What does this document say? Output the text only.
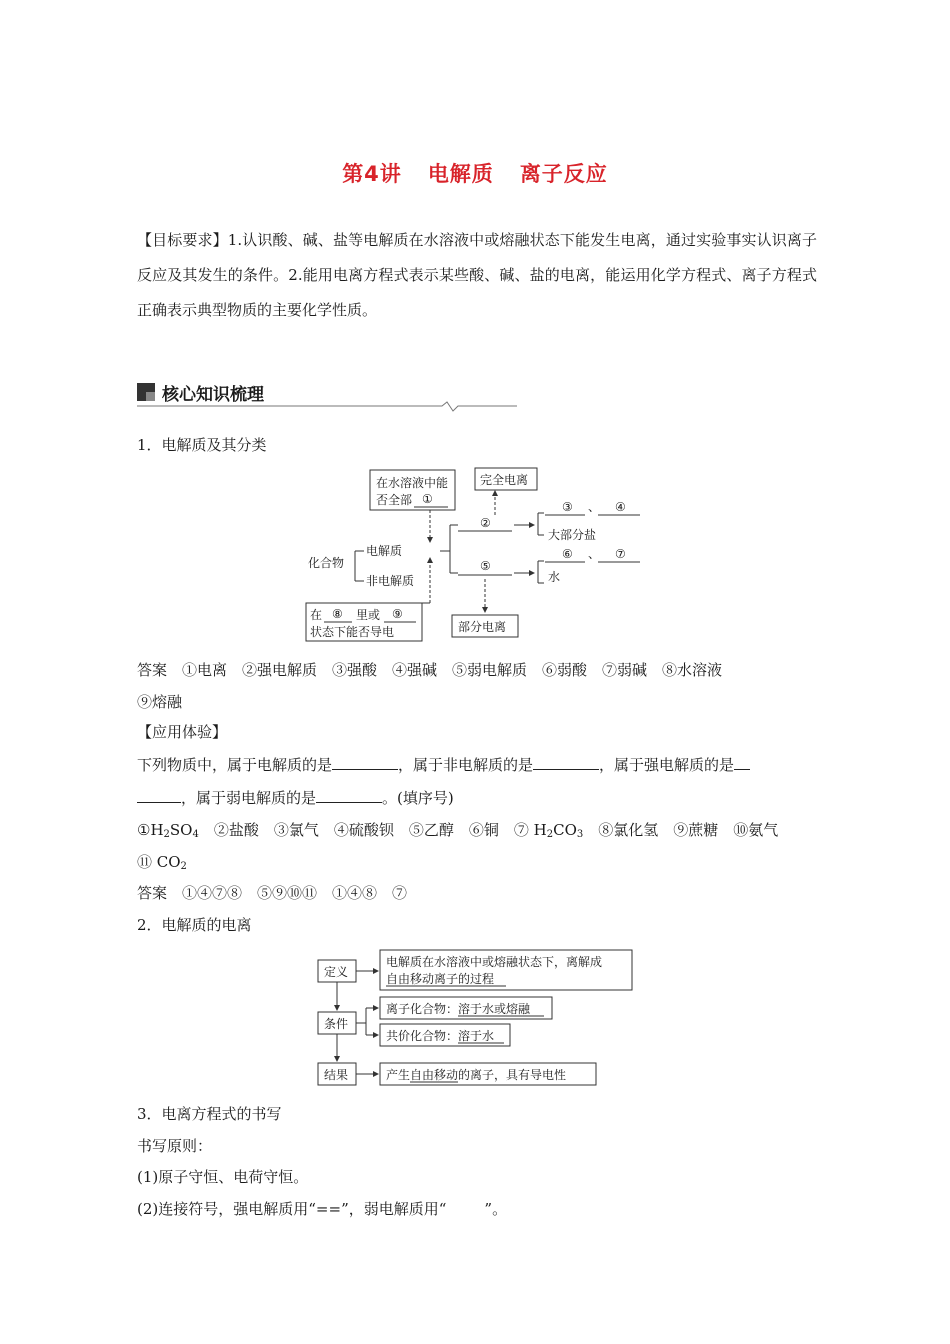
第4讲 电解质 离子反应
【目标要求】1.认识酸、碱、盐等电解质在水溶液中或熔融状态下能发生电离，通过实验事实认识离子反应及其发生的条件。2.能用电离方程式表示某些酸、碱、盐的电离，能运用化学方程式、离子方程式正确表示典型物质的主要化学性质。
核心知识梳理
1．电解质及其分类
在水溶液中能
否全部 ①
完全电离
化合物
电解质
非电解质
②
③ 、 ④
大部分盐
⑤
⑥ 、 ⑦
水
部分电离
在 ⑧ 里或 ⑨
状态下能否导电
答案　①电离　②强电解质　③强酸　④强碱　⑤弱电解质　⑥弱酸　⑦弱碱　⑧水溶液
⑨熔融
【应用体验】
下列物质中，属于电解质的是	，属于非电解质的是	，属于强电解质的是
，属于弱电解质的是	。(填序号)
$①H_2SO_4$　②盐酸　③氯气　④硫酸钡　⑤乙醇　⑥铜　⑦ $H_2CO_3$　⑧氯化氢　⑨蔗糖　⑩氨气
⑪ $CO_2$
答案　①④⑦⑧　⑤⑨⑩⑪　①④⑧　⑦
2．电解质的电离
定义
条件
结果
电解质在水溶液中或熔融状态下，离解成
自由移动离子的过程
离子化合物：溶于水或熔融
共价化合物：溶于水
产生自由移动的离子，具有导电性
3．电离方程式的书写
书写原则：
(1)原子守恒、电荷守恒。
(2)连接符号，强电解质用“==”，弱电解质用“	”。
